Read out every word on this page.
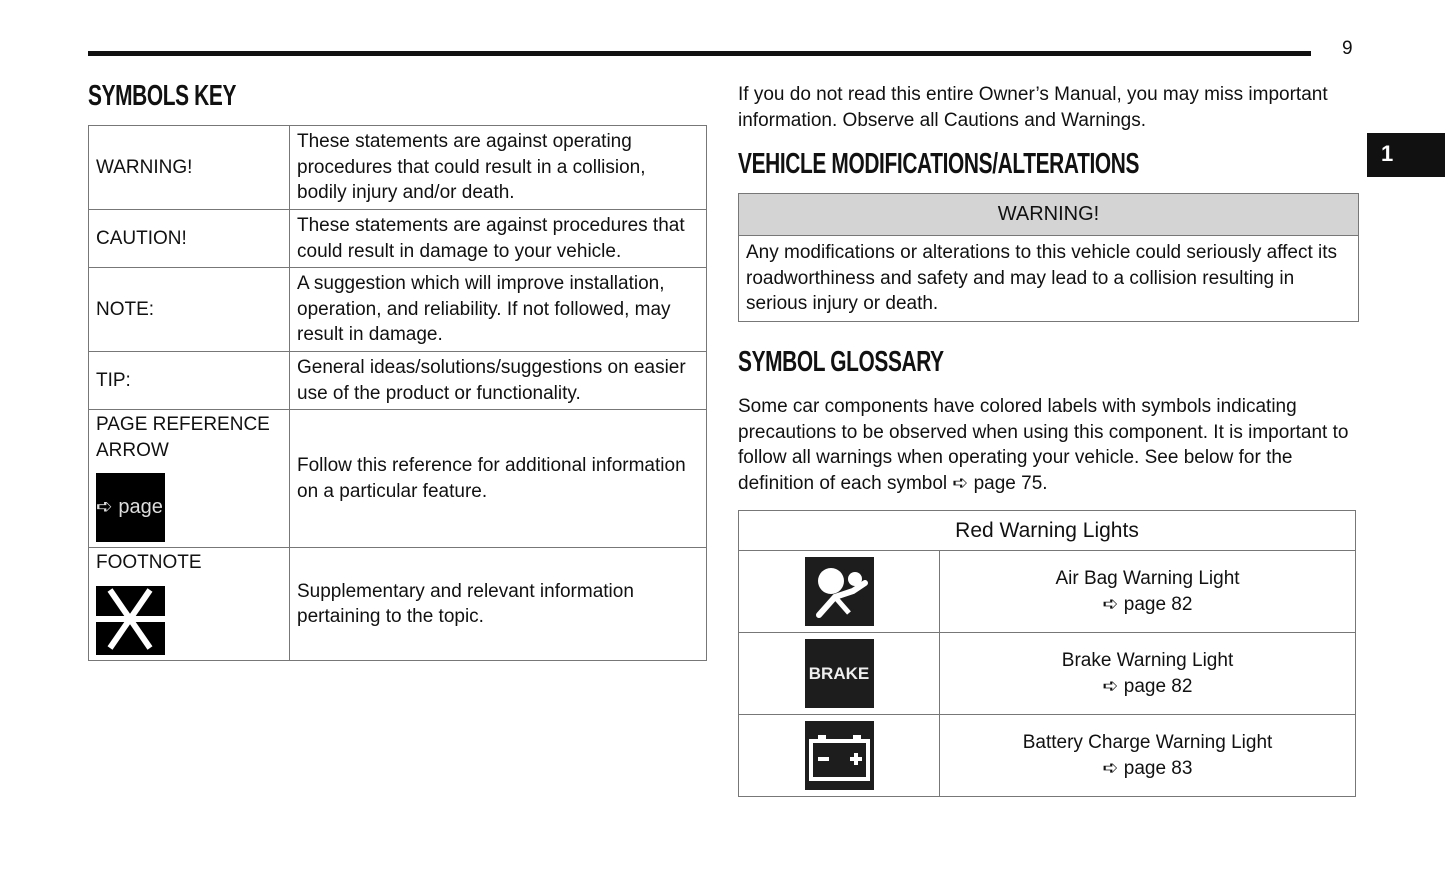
9
1
SYMBOLS KEY
WARNING!	These statements are against operating procedures that could result in a collision, bodily injury and/or death.
CAUTION!	These statements are against procedures that could result in damage to your vehicle.
NOTE:	A suggestion which will improve installation, operation, and reliability. If not followed, may result in damage.
TIP:	General ideas/solutions/suggestions on easier use of the product or functionality.

PAGE REFERENCE ARROW
➪ page	Follow this reference for additional information on a particular feature.

FOOTNOTE	Supplementary and relevant information pertaining to the topic.

If you do not read this entire Owner’s Manual, you may miss important information. Observe all Cautions and Warnings.

VEHICLE MODIFICATIONS/ALTERATIONS
WARNING!
Any modifications or alterations to this vehicle could seriously affect its roadworthiness and safety and may lead to a collision resulting in serious injury or death.
SYMBOL GLOSSARY

Some car components have colored labels with symbols indicating precautions to be observed when using this component. It is important to follow all warnings when operating your vehicle. See below for the definition of each symbol ➪ page 75.

Red Warning Lights	

Air Bag Warning Light
➪ page 82

BRAKE	Brake Warning Light
➪ page 82

Battery Charge Warning Light
➪ page 83
